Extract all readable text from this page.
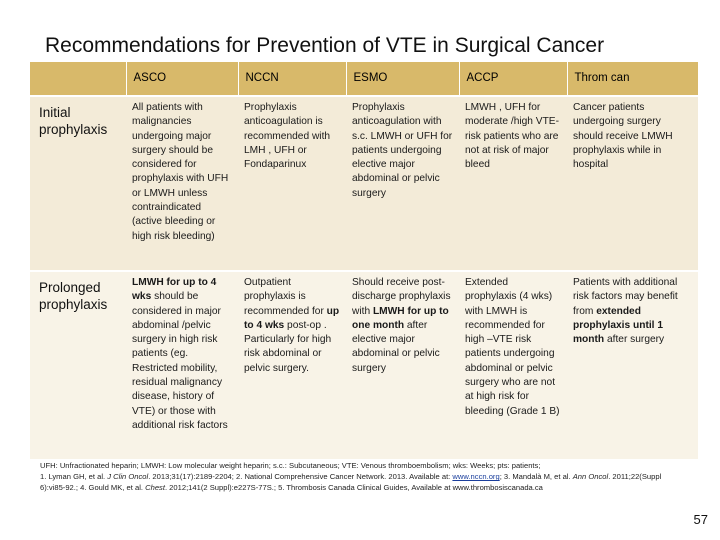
Recommendations for Prevention of VTE in Surgical Cancer
	ASCO	NCCN	ESMO	ACCP	Throm can
Initial prophylaxis	All patients with malignancies undergoing major surgery should be considered for prophylaxis with UFH or LMWH unless contraindicated (active bleeding or high risk bleeding)	Prophylaxis anticoagulation is recommended with LMH , UFH or Fondaparinux	Prophylaxis anticoagulation with s.c. LMWH or UFH for patients undergoing elective major abdominal or pelvic surgery	LMWH , UFH for moderate /high VTE-risk patients who are not at risk of major bleed	Cancer patients undergoing surgery should receive LMWH prophylaxis while in hospital
Prolonged prophylaxis	LMWH for up to 4 wks should be considered in major abdominal /pelvic surgery in high risk patients (eg. Restricted mobility, residual malignancy disease, history of VTE) or those with additional risk factors	Outpatient prophylaxis is recommended for up to 4 wks post-op . Particularly for high risk abdominal or pelvic surgery.	Should receive post-discharge prophylaxis with LMWH for up to one month after elective major abdominal or pelvic surgery	Extended prophylaxis (4 wks) with LMWH is recommended for high –VTE risk patients undergoing abdominal or pelvic surgery who are not at high risk for bleeding (Grade 1 B)	Patients with additional risk factors may benefit from extended prophylaxis until 1 month after surgery
UFH: Unfractionated heparin; LMWH: Low molecular weight heparin; s.c.: Subcutaneous; VTE: Venous thromboembolism; wks: Weeks; pts: patients;
1. Lyman GH, et al. J Clin Oncol. 2013;31(17):2189-2204; 2. National Comprehensive Cancer Network. 2013. Available at: www.nccn.org; 3. Mandalà M, et al. Ann Oncol. 2011;22(Suppl 6):vi85-92.; 4. Gould MK, et al. Chest. 2012;141(2 Suppl):e227S-77S.; 5. Thrombosis Canada Clinical Guides, Available at www.thrombosiscanada.ca
57
